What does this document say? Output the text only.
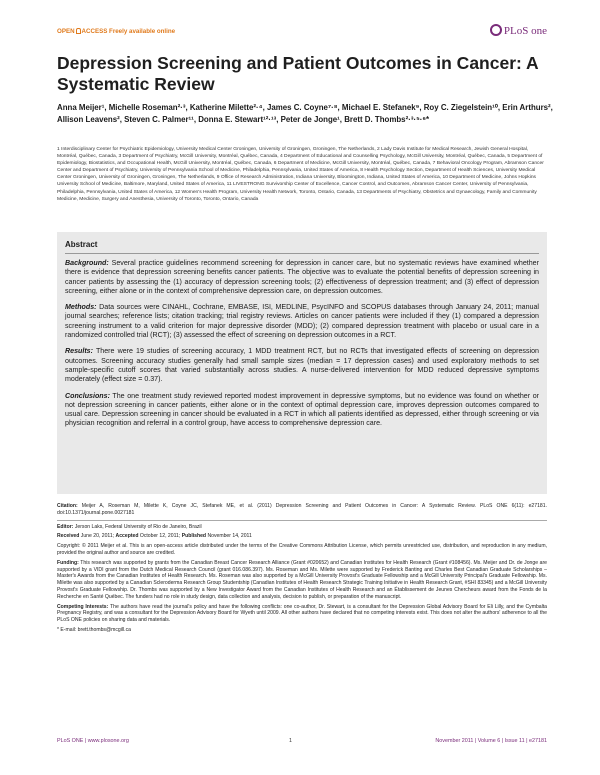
OPEN ACCESS Freely available online	PLoS one
Depression Screening and Patient Outcomes in Cancer: A Systematic Review
Anna Meijer¹, Michelle Roseman²·³, Katherine Milette²·⁴, James C. Coyne⁷·⁸, Michael E. Stefanek⁹, Roy C. Ziegelstein¹⁰, Erin Arthurs², Allison Leavens², Steven C. Palmer¹¹, Donna E. Stewart¹²·¹³, Peter de Jonge¹, Brett D. Thombs²·³·⁵·⁶*
1 Interdisciplinary Center for Psychiatric Epidemiology, University Medical Center Groningen, University of Groningen, Groningen, The Netherlands, 2 Lady Davis Institute for Medical Research, Jewish General Hospital, Montréal, Québec, Canada, 3 Department of Psychiatry, McGill University, Montréal, Québec, Canada, 4 Department of Educational and Counselling Psychology, McGill University, Montréal, Québec, Canada, 5 Department of Epidemiology, Biostatistics, and Occupational Health, McGill University, Montréal, Québec, Canada, 6 Department of Medicine, McGill University, Montréal, Québec, Canada, 7 Behavioral Oncology Program, Abramson Cancer Center and Department of Psychiatry, University of Pennsylvania School of Medicine, Philadelphia, Pennsylvania, United States of America, 8 Health Psychology Section, Department of Health Sciences, University Medical Center Groningen, University of Groningen, Groningen, The Netherlands, 9 Office of Research Administration, Indiana University, Bloomington, Indiana, United States of America, 10 Department of Medicine, Johns Hopkins University School of Medicine, Baltimore, Maryland, United States of America, 11 LIVESTRONG Survivorship Center of Excellence, Cancer Control, and Outcomes, Abramson Cancer Center, University of Pennsylvania, Philadelphia, Pennsylvania, United States of America, 12 Women's Health Program, University Health Network, Toronto, Ontario, Canada, 13 Departments of Psychiatry, Obstetrics and Gynaecology, Family and Community Medicine, Medicine, Surgery and Anesthesia, University of Toronto, Toronto, Ontario, Canada
Abstract

Background: Several practice guidelines recommend screening for depression in cancer care, but no systematic reviews have examined whether there is evidence that depression screening benefits cancer patients. The objective was to evaluate the potential benefits of depression screening in cancer patients by assessing the (1) accuracy of depression screening tools; (2) effectiveness of depression treatment; and (3) effect of depression screening, either alone or in the context of comprehensive depression care, on depression outcomes.

Methods: Data sources were CINAHL, Cochrane, EMBASE, ISI, MEDLINE, PsycINFO and SCOPUS databases through January 24, 2011; manual journal searches; reference lists; citation tracking; trial registry reviews. Articles on cancer patients were included if they (1) compared a depression screening instrument to a valid criterion for major depressive disorder (MDD); (2) compared depression treatment with placebo or usual care in a randomized controlled trial (RCT); (3) assessed the effect of screening on depression outcomes in a RCT.

Results: There were 19 studies of screening accuracy, 1 MDD treatment RCT, but no RCTs that investigated effects of screening on depression outcomes. Screening accuracy studies generally had small sample sizes (median = 17 depression cases) and used exploratory methods to set sample-specific cutoff scores that varied substantially across studies. A nurse-delivered intervention for MDD reduced depressive symptoms moderately (effect size = 0.37).

Conclusions: The one treatment study reviewed reported modest improvement in depressive symptoms, but no evidence was found on whether or not depression screening in cancer patients, either alone or in the context of optimal depression care, improves depression outcomes compared to usual care. Depression screening in cancer should be evaluated in a RCT in which all patients identified as depressed, either through screening or via physician recognition and referral in a control group, have access to comprehensive depression care.

Citation: Meijer A, Roseman M, Milette K, Coyne JC, Stefanek ME, et al. (2011) Depression Screening and Patient Outcomes in Cancer: A Systematic Review. PLoS ONE 6(11): e27181. doi:10.1371/journal.pone.0027181

Editor: Jerson Laks, Federal University of Rio de Janeiro, Brazil

Received June 20, 2011; Accepted October 12, 2011; Published November 14, 2011

Copyright: © 2011 Meijer et al. This is an open-access article distributed under the terms of the Creative Commons Attribution License, which permits unrestricted use, distribution, and reproduction in any medium, provided the original author and source are credited.

Funding: This research was supported by grants from the Canadian Breast Cancer Research Alliance (Grant #020652) and Canadian Institutes for Health Research (Grant #108456). Ms. Meijer and Dr. de Jonge are supported by a VIDI grant from the Dutch Medical Research Council (grant 016.086.397). Ms. Roseman and Ms. Milette were supported by Frederick Banting and Charles Best Canadian Graduate Scholarships – Master's Awards from the Canadian Institutes of Health Research. Ms. Roseman was also supported by a McGill University Provost's Graduate Fellowship and a McGill University Principal's Graduate Fellowship. Ms. Milette was also supported by a Canadian Scleroderma Research Group Studentship (Canadian Institutes of Health Research Strategic Training Initiative in Health Research Grant, #SHI 83345) and a McGill University Provost's Graduate Fellowship. Dr. Thombs was supported by a New Investigator Award from the Canadian Institutes of Health Research and an Établissement de Jeunes Chercheurs award from the Fonds de la Recherche en Santé Québec. The funders had no role in study design, data collection and analysis, decision to publish, or preparation of the manuscript.

Competing Interests: The authors have read the journal's policy and have the following conflicts: one co-author, Dr. Stewart, is a consultant for the Depression Global Advisory Board for Eli Lilly, and the Cymbalta Pregnancy Registry, and was a consultant for the Depression Advisory Board for Wyeth until 2009. All other authors have declared that no competing interests exist. This does not alter the authors' adherence to all the PLoS ONE policies on sharing data and materials.

* E-mail: brett.thombs@mcgill.ca

PLoS ONE | www.plosone.org	1	November 2011 | Volume 6 | Issue 11 | e27181
